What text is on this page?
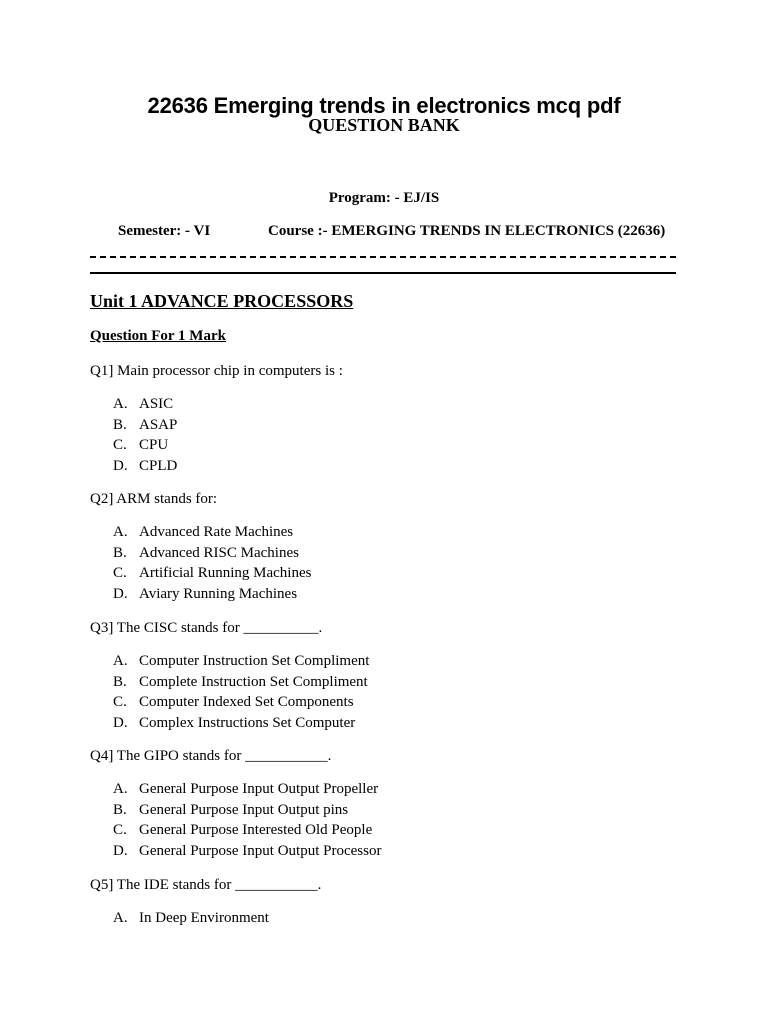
22636 Emerging trends in electronics mcq pdf
QUESTION BANK
Program: - EJ/IS
Semester: - VI	Course :- EMERGING TRENDS IN ELECTRONICS (22636)
Unit 1 ADVANCE PROCESSORS
Question For 1 Mark
Q1] Main processor chip in computers is :
A. ASIC
B. ASAP
C. CPU
D. CPLD
Q2] ARM stands for:
A. Advanced Rate Machines
B. Advanced RISC Machines
C. Artificial Running Machines
D. Aviary Running Machines
Q3] The CISC stands for __________.
A. Computer Instruction Set Compliment
B. Complete Instruction Set Compliment
C. Computer Indexed Set Components
D. Complex Instructions Set Computer
Q4] The GIPO stands for ___________.
A. General Purpose Input Output Propeller
B. General Purpose Input Output pins
C. General Purpose Interested Old People
D. General Purpose Input Output Processor
Q5] The IDE stands for ___________.
A. In Deep Environment
